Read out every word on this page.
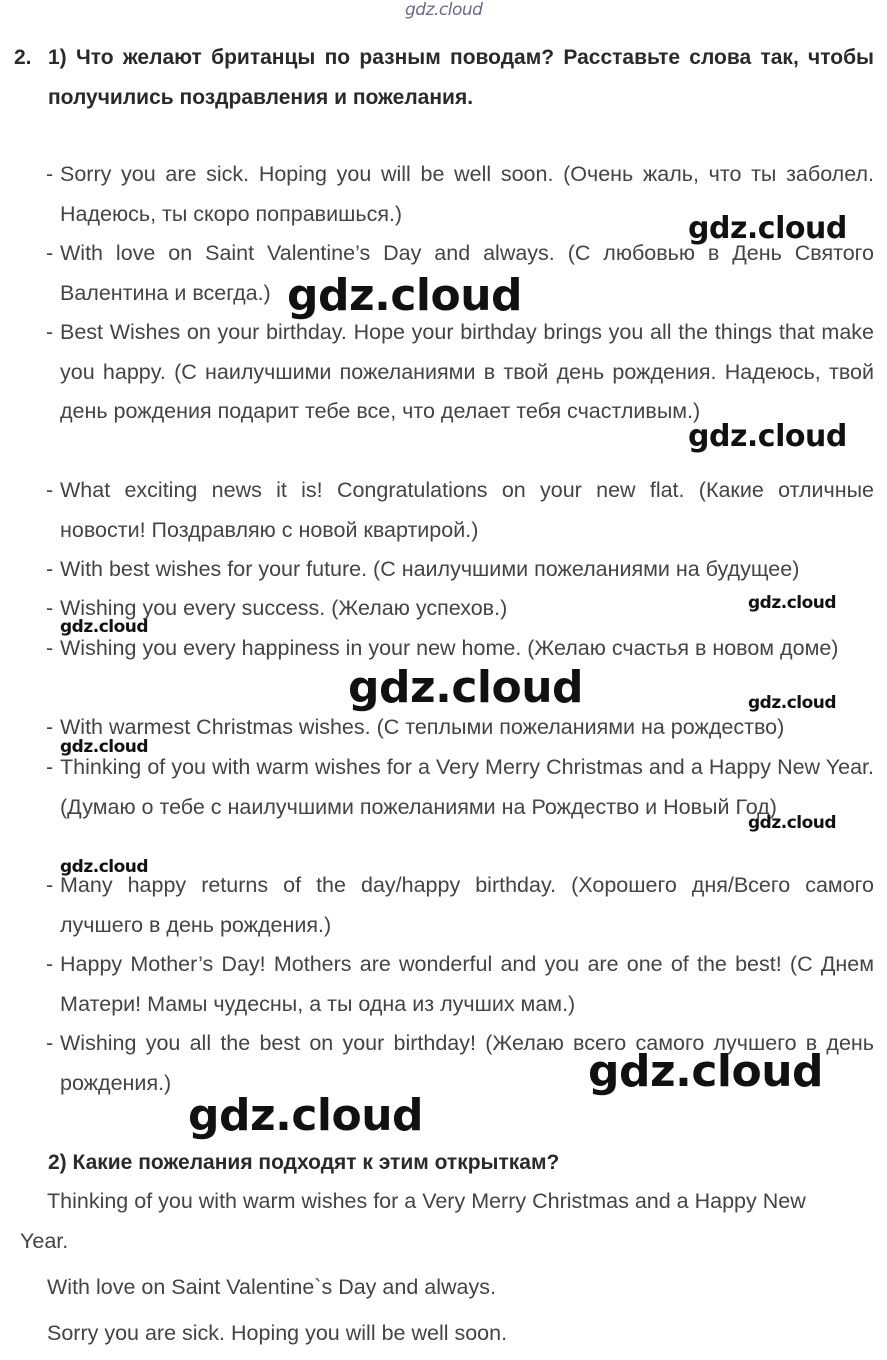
gdz.cloud
2. 1) Что желают британцы по разным поводам? Расставьте слова так, чтобы получились поздравления и пожелания.
- Sorry you are sick. Hoping you will be well soon. (Очень жаль, что ты заболел. Надеюсь, ты скоро поправишься.)
- With love on Saint Valentine’s Day and always. (С любовью в День Святого Валентина и всегда.)
- Best Wishes on your birthday. Hope your birthday brings you all the things that make you happy. (С наилучшими пожеланиями в твой день рождения. Надеюсь, твой день рождения подарит тебе все, что делает тебя счастливым.)
- What exciting news it is! Congratulations on your new flat. (Какие отличные новости! Поздравляю с новой квартирой.)
- With best wishes for your future. (С наилучшими пожеланиями на будущее)
- Wishing you every success. (Желаю успехов.)
- Wishing you every happiness in your new home. (Желаю счастья в новом доме)
- With warmest Christmas wishes. (С теплыми пожеланиями на рождество)
- Thinking of you with warm wishes for a Very Merry Christmas and a Happy New Year. (Думаю о тебе с наилучшими пожеланиями на Рождество и Новый Год)
- Many happy returns of the day/happy birthday. (Хорошего дня/Всего самого лучшего в день рождения.)
- Happy Mother’s Day! Mothers are wonderful and you are one of the best! (С Днем Матери! Мамы чудесны, а ты одна из лучших мам.)
- Wishing you all the best on your birthday! (Желаю всего самого лучшего в день рождения.)
2) Какие пожелания подходят к этим открыткам?
Thinking of you with warm wishes for a Very Merry Christmas and a Happy New
Year.
With love on Saint Valentine`s Day and always.
Sorry you are sick. Hoping you will be well soon.
gdz.cloud
gdz.cloud
gdz.cloud
gdz.cloud
gdz.cloud
gdz.cloud	gdz.cloud
gdz.cloud
gdz.cloud
gdz.cloud
gdz.cloud
gdz.cloud
